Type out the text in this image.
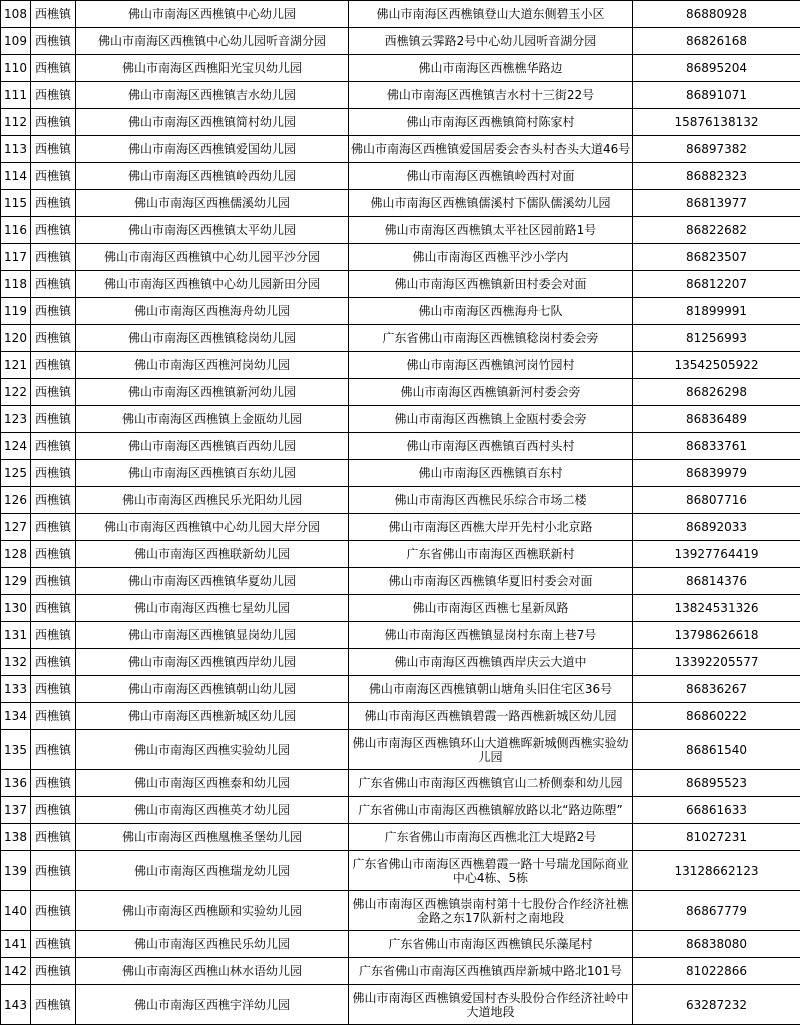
108	西樵镇	佛山市南海区西樵镇中心幼儿园	佛山市南海区西樵镇登山大道东侧碧玉小区	86880928
109	西樵镇	佛山市南海区西樵镇中心幼儿园听音湖分园	西樵镇云霁路2号中心幼儿园听音湖分园	86826168
110	西樵镇	佛山市南海区西樵阳光宝贝幼儿园	佛山市南海区西樵樵华路边	86895204
111	西樵镇	佛山市南海区西樵镇吉水幼儿园	佛山市南海区西樵镇吉水村十三街22号	86891071
112	西樵镇	佛山市南海区西樵镇简村幼儿园	佛山市南海区西樵镇简村陈家村	15876138132
113	西樵镇	佛山市南海区西樵镇爱国幼儿园	佛山市南海区西樵镇爱国居委会杏头村杏头大道46号	86897382
114	西樵镇	佛山市南海区西樵镇岭西幼儿园	佛山市南海区西樵镇岭西村对面	86882323
115	西樵镇	佛山市南海区西樵儒溪幼儿园	佛山市南海区西樵镇儒溪村下儒队儒溪幼儿园	86813977
116	西樵镇	佛山市南海区西樵镇太平幼儿园	佛山市南海区西樵镇太平社区园前路1号	86822682
117	西樵镇	佛山市南海区西樵镇中心幼儿园平沙分园	佛山市南海区西樵平沙小学内	86823507
118	西樵镇	佛山市南海区西樵镇中心幼儿园新田分园	佛山市南海区西樵镇新田村委会对面	86812207
119	西樵镇	佛山市南海区西樵海舟幼儿园	佛山市南海区西樵海舟七队	81899991
120	西樵镇	佛山市南海区西樵镇稔岗幼儿园	广东省佛山市南海区西樵镇稔岗村委会旁	81256993
121	西樵镇	佛山市南海区西樵河岗幼儿园	佛山市南海区西樵镇河岗竹园村	13542505922
122	西樵镇	佛山市南海区西樵镇新河幼儿园	佛山市南海区西樵镇新河村委会旁	86826298
123	西樵镇	佛山市南海区西樵镇上金瓯幼儿园	佛山市南海区西樵镇上金瓯村委会旁	86836489
124	西樵镇	佛山市南海区西樵镇百西幼儿园	佛山市南海区西樵镇百西村头村	86833761
125	西樵镇	佛山市南海区西樵镇百东幼儿园	佛山市南海区西樵镇百东村	86839979
126	西樵镇	佛山市南海区西樵民乐光阳幼儿园	佛山市南海区西樵民乐综合市场二楼	86807716
127	西樵镇	佛山市南海区西樵镇中心幼儿园大岸分园	佛山市南海区西樵大岸开先村小北京路	86892033
128	西樵镇	佛山市南海区西樵联新幼儿园	广东省佛山市南海区西樵联新村	13927764419
129	西樵镇	佛山市南海区西樵镇华夏幼儿园	佛山市南海区西樵镇华夏旧村委会对面	86814376
130	西樵镇	佛山市南海区西樵七星幼儿园	佛山市南海区西樵七星新凤路	13824531326
131	西樵镇	佛山市南海区西樵镇显岗幼儿园	佛山市南海区西樵镇显岗村东南上巷7号	13798626618
132	西樵镇	佛山市南海区西樵镇西岸幼儿园	佛山市南海区西樵镇西岸庆云大道中	13392205577
133	西樵镇	佛山市南海区西樵镇朝山幼儿园	佛山市南海区西樵镇朝山塘角头旧住宅区36号	86836267
134	西樵镇	佛山市南海区西樵新城区幼儿园	佛山市南海区西樵镇碧霞一路西樵新城区幼儿园	86860222
135	西樵镇	佛山市南海区西樵实验幼儿园	佛山市南海区西樵镇环山大道樵晖新城侧西樵实验幼儿园	86861540
136	西樵镇	佛山市南海区西樵泰和幼儿园	广东省佛山市南海区西樵镇官山二桥侧泰和幼儿园	86895523
137	西樵镇	佛山市南海区西樵英才幼儿园	广东省佛山市南海区西樵镇解放路以北“路边陈塱”	66861633
138	西樵镇	佛山市南海区西樵凰樵圣堡幼儿园	广东省佛山市南海区西樵北江大堤路2号	81027231
139	西樵镇	佛山市南海区西樵瑞龙幼儿园	广东省佛山市南海区西樵碧霞一路十号瑞龙国际商业中心4栋、5栋	13128662123
140	西樵镇	佛山市南海区西樵颐和实验幼儿园	佛山市南海区西樵镇崇南村第十七股份合作经济社樵金路之东17队新村之南地段	86867779
141	西樵镇	佛山市南海区西樵民乐幼儿园	广东省佛山市南海区西樵镇民乐藻尾村	86838080
142	西樵镇	佛山市南海区西樵山林水语幼儿园	广东省佛山市南海区西樵镇西岸新城中路北101号	81022866
143	西樵镇	佛山市南海区西樵宇洋幼儿园	佛山市南海区西樵镇爱国村杏头股份合作经济社岭中大道地段	63287232
